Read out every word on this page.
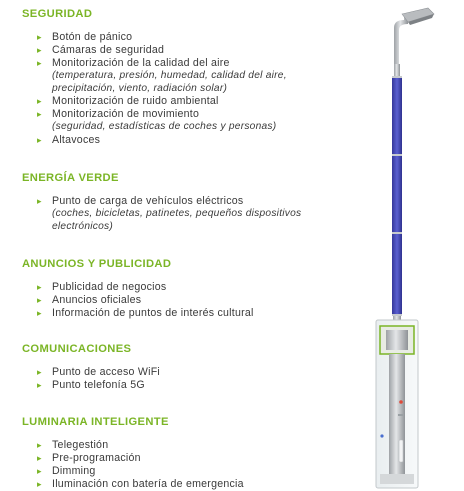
SEGURIDAD
▸ Botón de pánico
▸ Cámaras de seguridad
▸ Monitorización de la calidad del aire
(temperatura, presión, humedad, calidad del aire, precipitación, viento, radiación solar)
▸ Monitorización de ruido ambiental
▸ Monitorización de movimiento
(seguridad, estadísticas de coches y personas)
▸ Altavoces
ENERGÍA VERDE
▸ Punto de carga de vehículos eléctricos
(coches, bicicletas, patinetes, pequeños dispositivos electrónicos)
ANUNCIOS Y PUBLICIDAD
▸ Publicidad de negocios
▸ Anuncios oficiales
▸ Información de puntos de interés cultural
COMUNICACIONES
▸ Punto de acceso WiFi
▸ Punto telefonía 5G
LUMINARIA INTELIGENTE
▸ Telegestión
▸ Pre-programación
▸ Dimming
▸ Iluminación con batería de emergencia
